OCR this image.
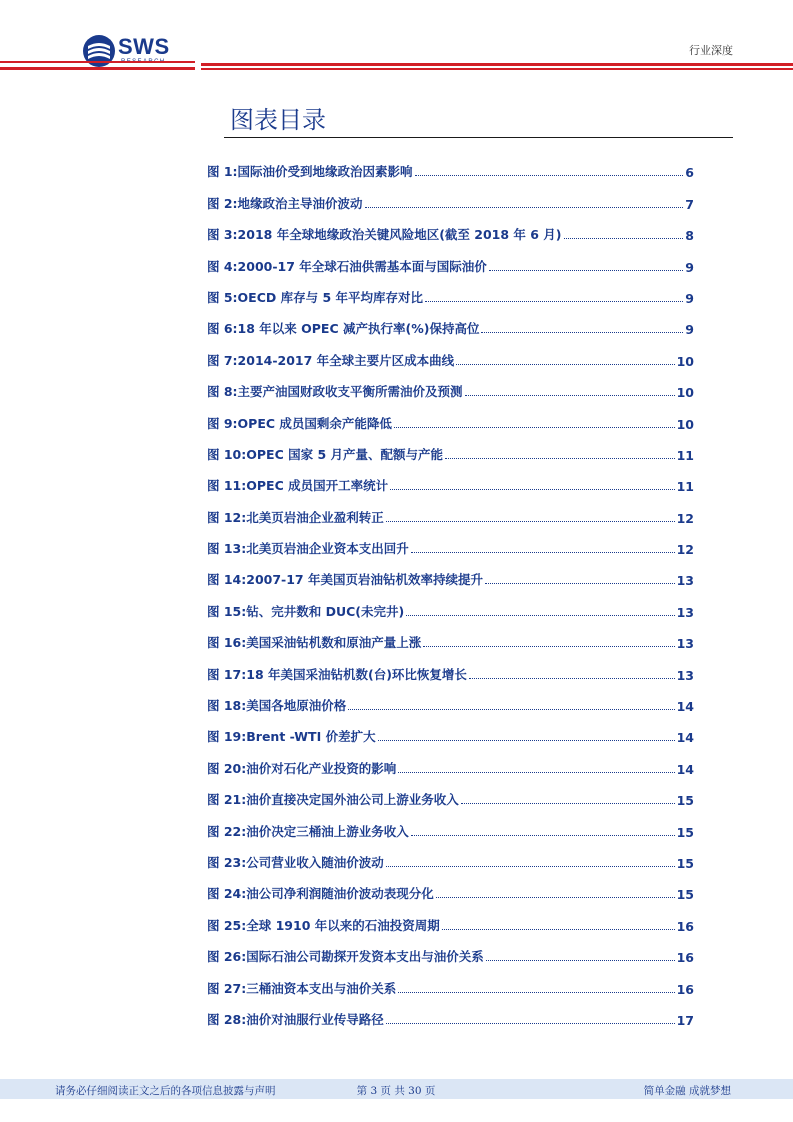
SWS	行业深度
图表目录
图 1:国际油价受到地缘政治因素影响	6
图 2:地缘政治主导油价波动	7
图 3:2018 年全球地缘政治关键风险地区(截至 2018 年 6 月)	8
图 4:2000-17 年全球石油供需基本面与国际油价	9
图 5:OECD 库存与 5 年平均库存对比	9
图 6:18 年以来 OPEC 减产执行率(%)保持高位	9
图 7:2014-2017 年全球主要片区成本曲线	10
图 8:主要产油国财政收支平衡所需油价及预测	10
图 9:OPEC 成员国剩余产能降低	10
图 10:OPEC 国家 5 月产量、配额与产能	11
图 11:OPEC 成员国开工率统计	11
图 12:北美页岩油企业盈利转正	12
图 13:北美页岩油企业资本支出回升	12
图 14:2007-17 年美国页岩油钻机效率持续提升	13
图 15:钻、完井数和 DUC(未完井)	13
图 16:美国采油钻机数和原油产量上涨	13
图 17:18 年美国采油钻机数(台)环比恢复增长	13
图 18:美国各地原油价格	14
图 19:Brent -WTI 价差扩大	14
图 20:油价对石化产业投资的影响	14
图 21:油价直接决定国外油公司上游业务收入	15
图 22:油价决定三桶油上游业务收入	15
图 23:公司营业收入随油价波动	15
图 24:油公司净利润随油价波动表现分化	15
图 25:全球 1910 年以来的石油投资周期	16
图 26:国际石油公司勘探开发资本支出与油价关系	16
图 27:三桶油资本支出与油价关系	16
图 28:油价对油服行业传导路径	17
请务必仔细阅读正文之后的各项信息披露与声明	第 3 页 共 30 页	简单金融 成就梦想
